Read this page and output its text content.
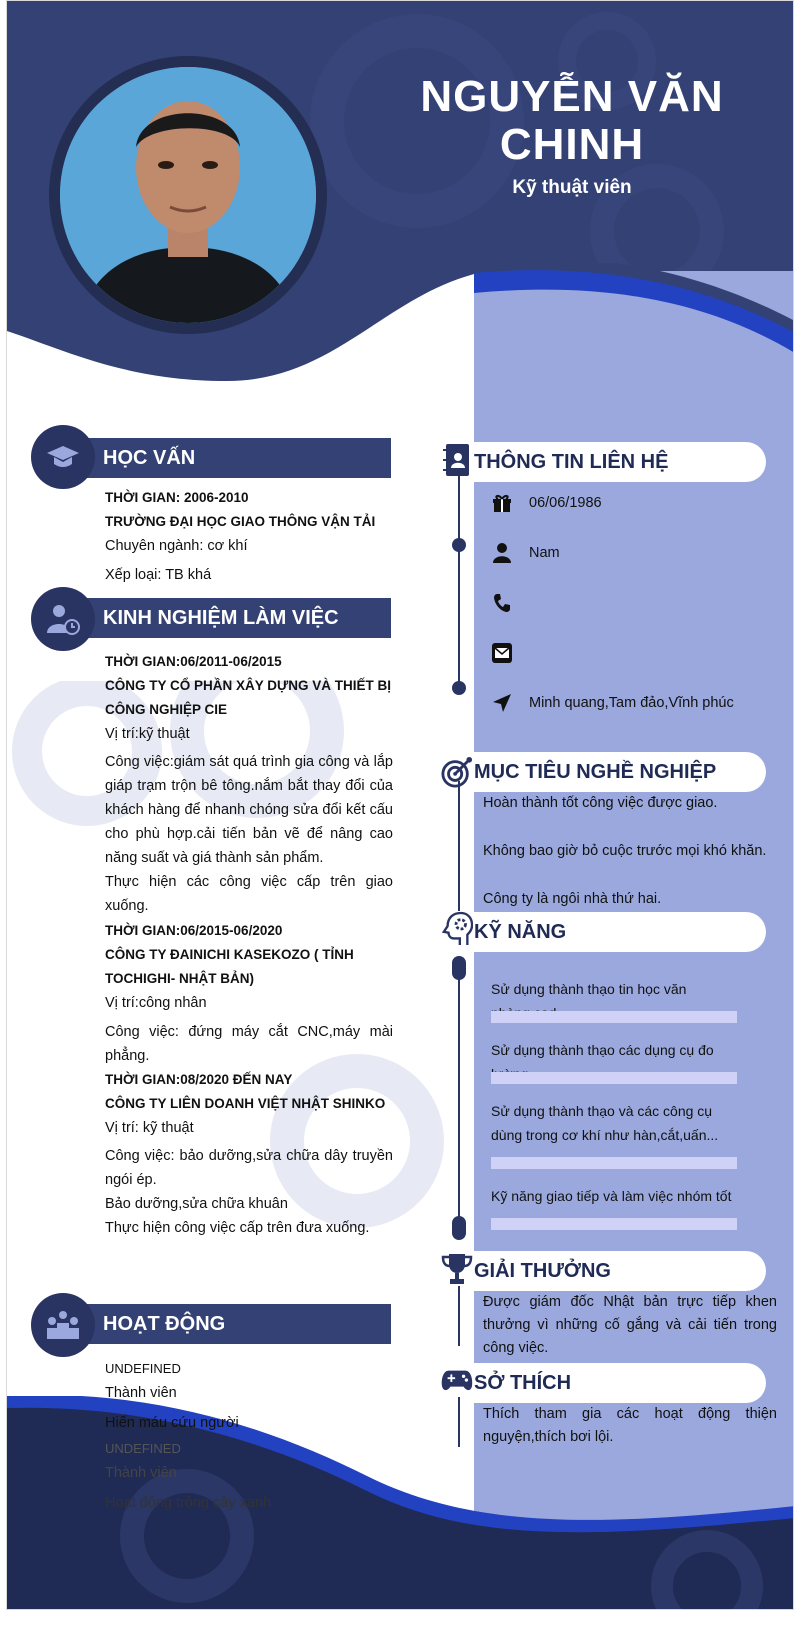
NGUYỄN VĂN CHINH
Kỹ thuật viên
HỌC VẤN
THỜI GIAN: 2006-2010
TRƯỜNG ĐẠI HỌC GIAO THÔNG VẬN TẢI
Chuyên ngành: cơ khí
Xếp loại: TB khá
KINH NGHIỆM LÀM VIỆC
THỜI GIAN:06/2011-06/2015
CÔNG TY CỔ PHẦN XÂY DỰNG VÀ THIẾT BỊ CÔNG NGHIỆP CIE
Vị trí:kỹ thuật
Công việc:giám sát quá trình gia công và lắp giáp trạm trộn bê tông.nắm bắt thay đổi của khách hàng để nhanh chóng sửa đổi kết cấu cho phù hợp.cải tiến bản vẽ để nâng cao năng suất và giá thành sản phẩm.
Thực hiện các công việc cấp trên giao xuống.
THỜI GIAN:06/2015-06/2020
CÔNG TY ĐAINICHI KASEKOZO ( TỈNH TOCHIGHI- NHẬT BẢN)
Vị trí:công nhân
Công việc: đứng máy cắt CNC,máy mài phẳng.
THỜI GIAN:08/2020 ĐẾN NAY
CÔNG TY LIÊN DOANH VIỆT NHẬT SHINKO
Vị trí: kỹ thuật
Công việc: bảo dưỡng,sửa chữa dây truyền ngói ép.
Bảo dưỡng,sửa chữa khuân
Thực hiện công việc cấp trên đưa xuống.
HOẠT ĐỘNG
UNDEFINED
Thành viên
Hiến máu cứu người
UNDEFINED
Thành viên
Hoạt động trồng cây xanh
THÔNG TIN LIÊN HỆ
06/06/1986
Nam
Minh quang,Tam đảo,Vĩnh phúc
MỤC TIÊU NGHỀ NGHIỆP
Hoàn thành tốt công việc được giao.
Không bao giờ bỏ cuộc trước mọi khó khăn.
Công ty là ngôi nhà thứ hai.
KỸ NĂNG
Sử dụng thành thạo tin học văn
Sử dụng thành thạo các dụng cụ đo
Sử dụng thành thạo và các công cụ dùng trong cơ khí như hàn,cắt,uấn...
Kỹ năng giao tiếp và làm việc nhóm tốt
GIẢI THƯỞNG
Được giám đốc Nhật bản trực tiếp khen thưởng vì những cố gắng và cải tiến trong công việc.
SỞ THÍCH
Thích tham gia các hoạt động thiện nguyện,thích bơi lội.
